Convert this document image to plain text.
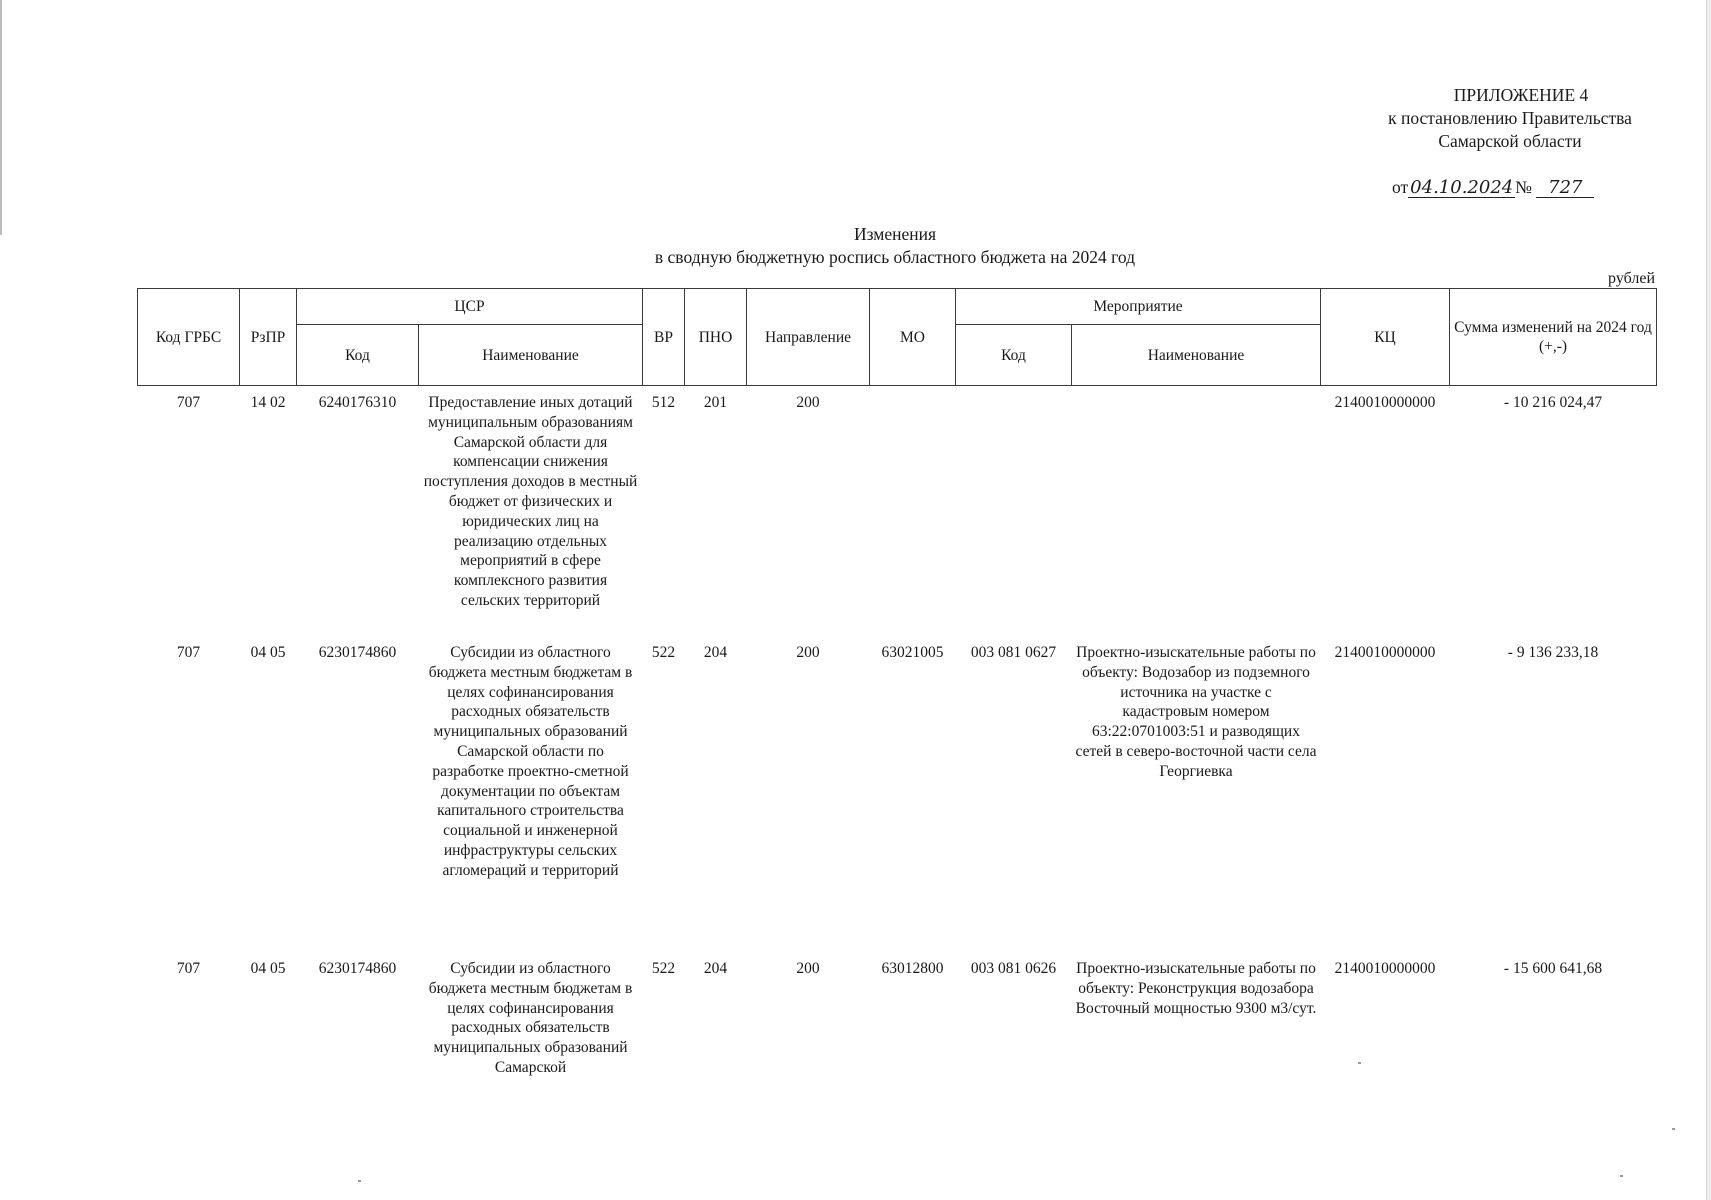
ПРИЛОЖЕНИЕ 4
к постановлению Правительства
Самарской области
от 04.10.2024 № 727
Изменения
в сводную бюджетную роспись областного бюджета на 2024 год
рублей
Код ГРБС	РзПР	ЦСР		ВР	ПНО	Направление	МО	Мероприятие		КЦ	Сумма изменений на 2024 год (+,-)
		Код	Наименование					Код	Наименование		
707	14 02	6240176310	Предоставление иных дотаций муниципальным образованиям Самарской области для компенсации снижения поступления доходов в местный бюджет от физических и юридических лиц на реализацию отдельных мероприятий в сфере комплексного развития сельских территорий	512	201	200				2140010000000	- 10 216 024,47
707	04 05	6230174860	Субсидии из областного бюджета местным бюджетам в целях софинансирования расходных обязательств муниципальных образований Самарской области по разработке проектно-сметной документации по объектам капитального строительства социальной и инженерной инфраструктуры сельских агломераций и территорий	522	204	200	63021005	003 081 0627	Проектно-изыскательные работы по объекту: Водозабор из подземного источника на участке с кадастровым номером 63:22:0701003:51 и разводящих сетей в северо-восточной части села Георгиевка	2140010000000	- 9 136 233,18
707	04 05	6230174860	Субсидии из областного бюджета местным бюджетам в целях софинансирования расходных обязательств муниципальных образований Самарской	522	204	200	63012800	003 081 0626	Проектно-изыскательные работы по объекту: Реконструкция водозабора Восточный мощностью 9300 м3/сут.	2140010000000	- 15 600 641,68
